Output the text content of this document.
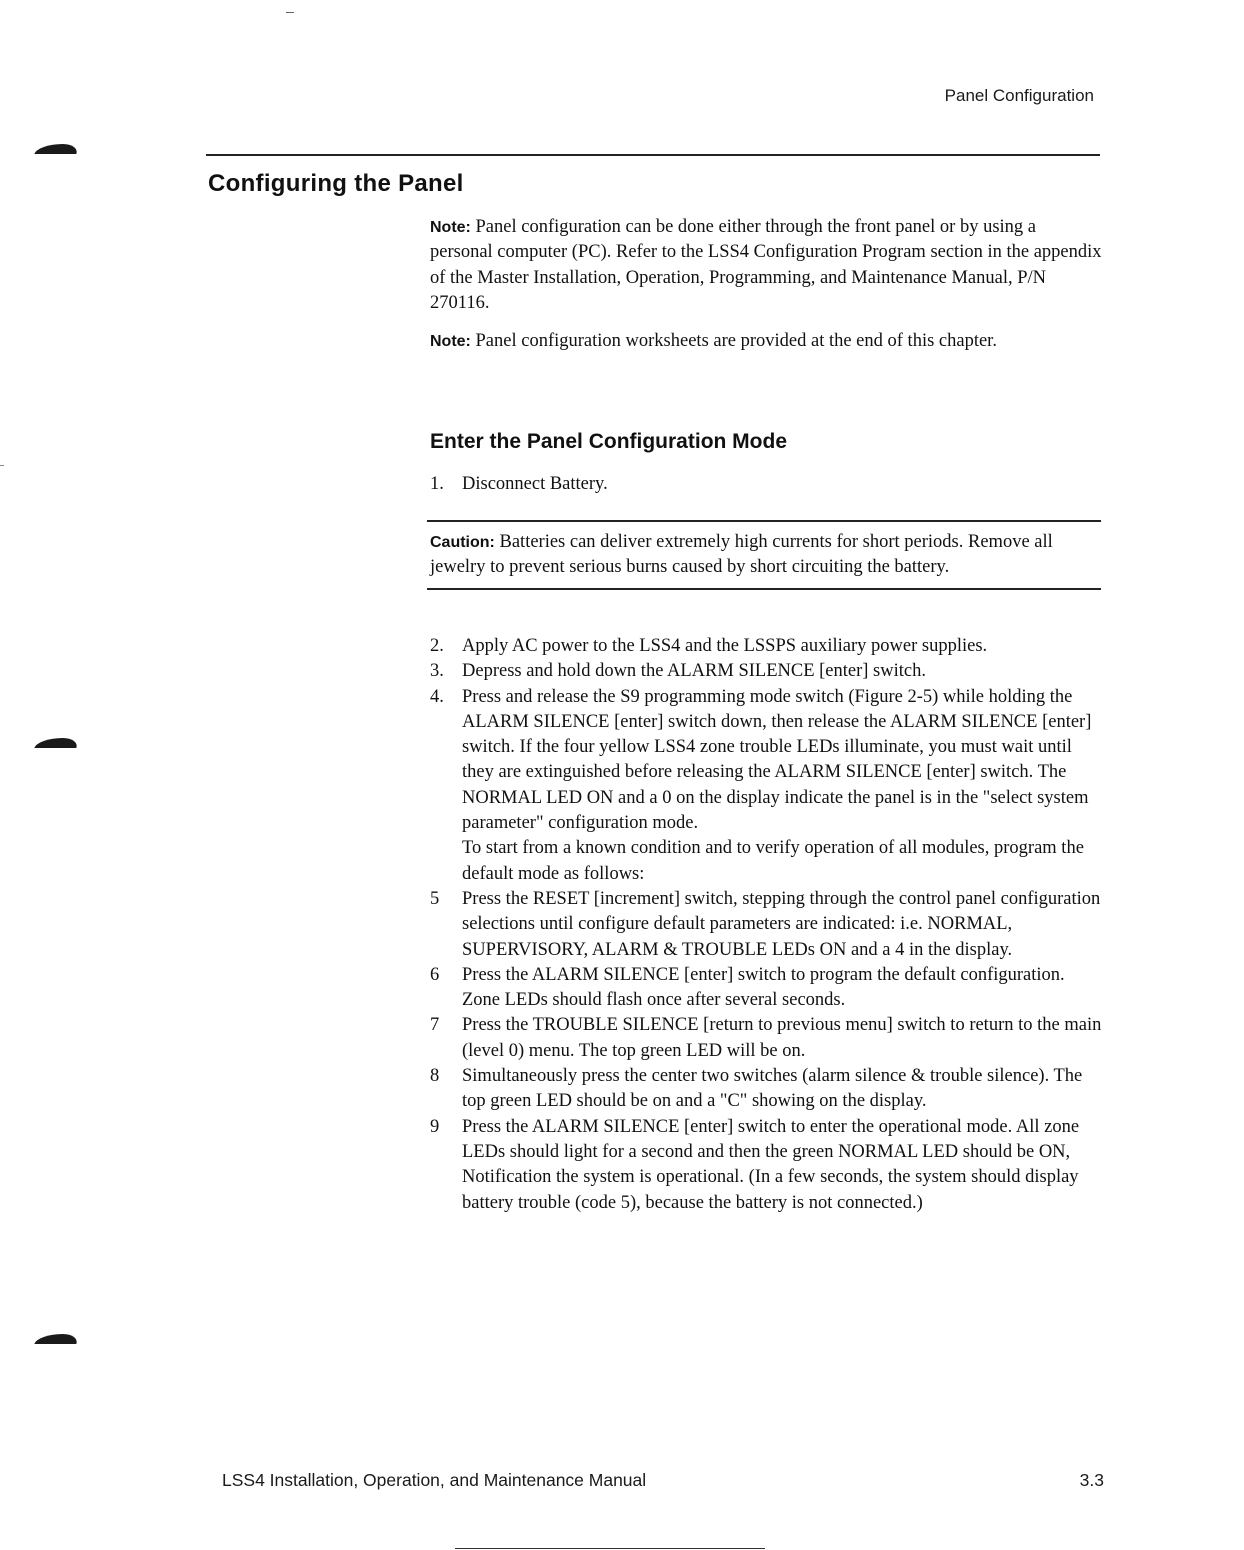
Panel Configuration
Configuring the Panel
Note: Panel configuration can be done either through the front panel or by using a personal computer (PC). Refer to the LSS4 Configuration Program section in the appendix of the Master Installation, Operation, Programming, and Maintenance Manual, P/N 270116.
Note: Panel configuration worksheets are provided at the end of this chapter.
Enter the Panel Configuration Mode
1. Disconnect Battery.
Caution: Batteries can deliver extremely high currents for short periods. Remove all jewelry to prevent serious burns caused by short circuiting the battery.
2. Apply AC power to the LSS4 and the LSSPS auxiliary power supplies.
3. Depress and hold down the ALARM SILENCE [enter] switch.
4. Press and release the S9 programming mode switch (Figure 2-5) while holding the ALARM SILENCE [enter] switch down, then release the ALARM SILENCE [enter] switch. If the four yellow LSS4 zone trouble LEDs illuminate, you must wait until they are extinguished before releasing the ALARM SILENCE [enter] switch. The NORMAL LED ON and a 0 on the display indicate the panel is in the "select system parameter" configuration mode.
To start from a known condition and to verify operation of all modules, program the default mode as follows:
5	Press the RESET [increment] switch, stepping through the control panel configuration selections until configure default parameters are indicated: i.e. NORMAL, SUPERVISORY, ALARM & TROUBLE LEDs ON and a 4 in the display.
6	Press the ALARM SILENCE [enter] switch to program the default configuration. Zone LEDs should flash once after several seconds.
7	Press the TROUBLE SILENCE [return to previous menu] switch to return to the main (level 0) menu. The top green LED will be on.
8	Simultaneously press the center two switches (alarm silence & trouble silence). The top green LED should be on and a "C" showing on the display.
9	Press the ALARM SILENCE [enter] switch to enter the operational mode. All zone LEDs should light for a second and then the green NORMAL LED should be ON, Notification the system is operational. (In a few seconds, the system should display battery trouble (code 5), because the battery is not connected.)
LSS4 Installation, Operation, and Maintenance Manual	3.3
